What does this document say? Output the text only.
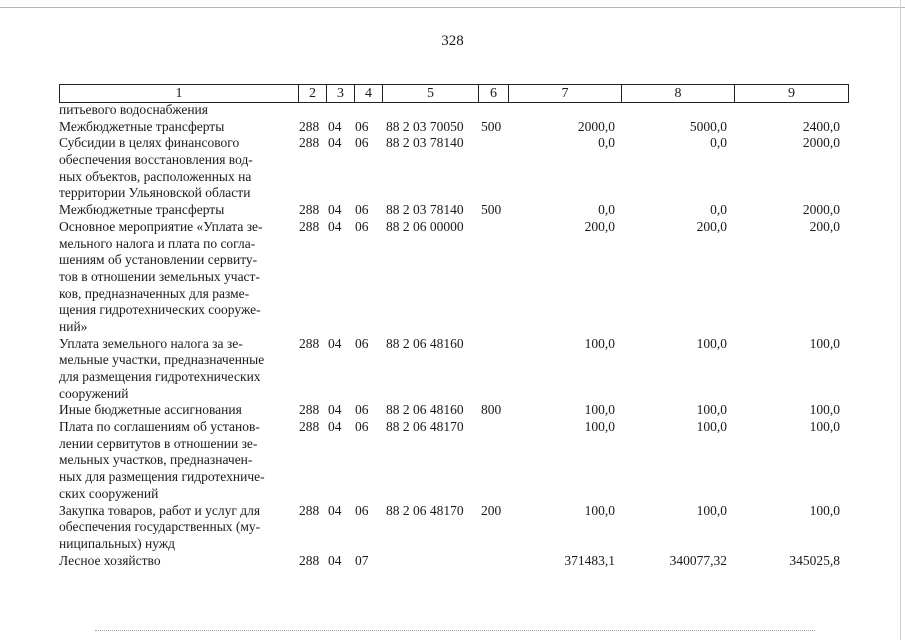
328
1	2	3	4	5	6	7	8	9
питьевого водоснабжения
Межбюджетные трансферты	288 04 06 88 2 03 70050 500	2000,0	5000,0	2400,0
Субсидии в целях финансового
обеспечения восстановления вод-
ных объектов, расположенных на
территории Ульяновской области
288 04 06 88 2 03 78140	0,0	0,0	2000,0
Межбюджетные трансферты	288 04 06 88 2 03 78140 500	0,0	0,0	2000,0
Основное мероприятие «Уплата зе-
мельного налога и плата по согла-
шениям об установлении сервиту-
тов в отношении земельных участ-
ков, предназначенных для разме-
щения гидротехнических сооруже-
ний»
288 04 06 88 2 06 00000	200,0	200,0	200,0
Уплата земельного налога за зе-
мельные участки, предназначенные
для размещения гидротехнических
сооружений
288 04 06 88 2 06 48160	100,0	100,0	100,0
Иные бюджетные ассигнования	288 04 06 88 2 06 48160 800	100,0	100,0	100,0
Плата по соглашениям об установ-
лении сервитутов в отношении зе-
мельных участков, предназначен-
ных для размещения гидротехниче-
ских сооружений
288 04 06 88 2 06 48170	100,0	100,0	100,0
Закупка товаров, работ и услуг для
обеспечения государственных (му-
ниципальных) нужд
288 04 06 88 2 06 48170 200	100,0	100,0	100,0
Лесное хозяйство	288 04 07	371483,1	340077,32	345025,8
